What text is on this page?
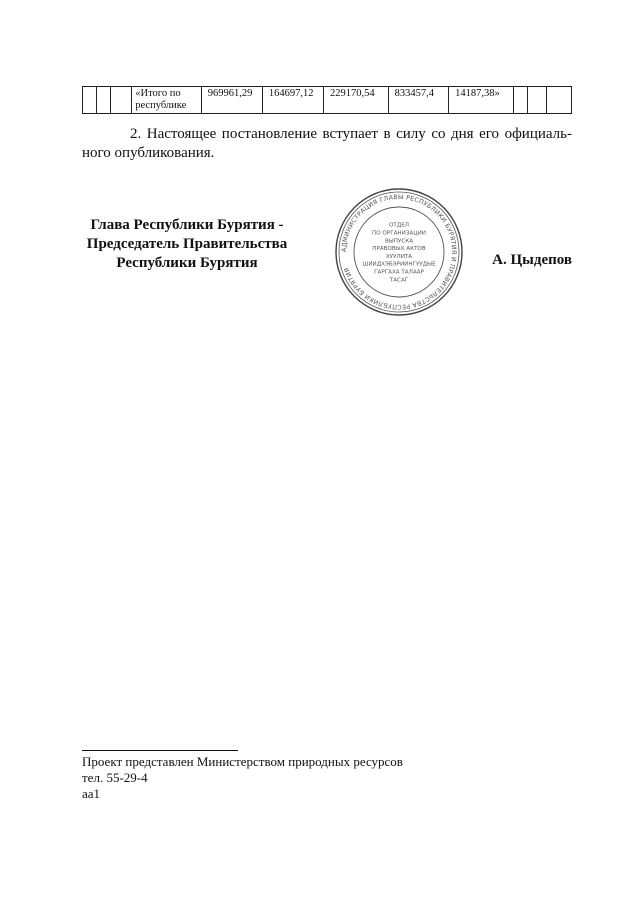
			«Итого по республике	969961,29	164697,12	229170,54	833457,4	14187,38»			
2. Настоящее постановление вступает в силу со дня его официаль-ного опубликования.
Глава Республики Бурятия -
Председатель Правительства
Республики Бурятия
АДМИНИСТРАЦИЯ ГЛАВЫ РЕСПУБЛИКИ БУРЯТИЯ И ПРАВИТЕЛЬСТВА РЕСПУБЛИКИ БУРЯТИЯ
ОТДЕЛ
ПО ОРГАНИЗАЦИИ
ВЫПУСКА
ПРАВОВЫХ АКТОВ
ХУУЛИТА
ШИИДХЭБЭРИИНГУУДЫЕ
ГАРГАХА ТАЛААР
ТАСАГ
А. Цыдепов
Проект представлен Министерством природных ресурсов
тел. 55-29-4
аа1
